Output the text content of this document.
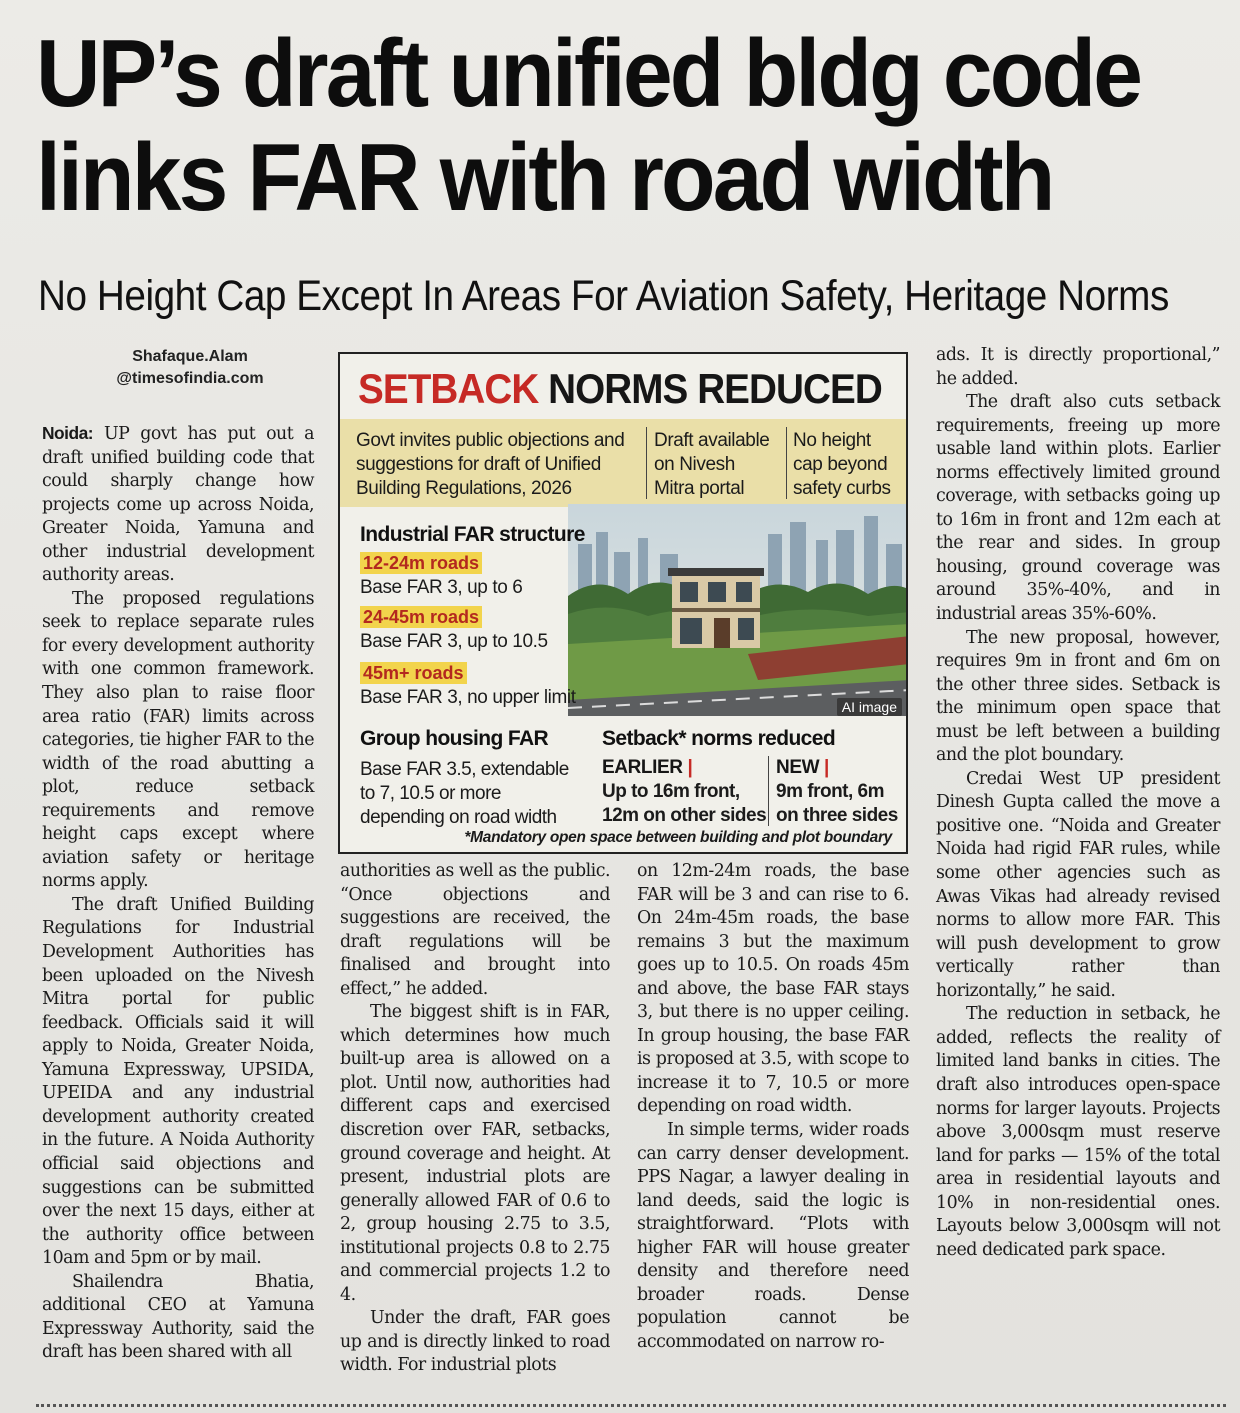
UP’s draft unified bldg code
links FAR with road width
No Height Cap Except In Areas For Aviation Safety, Heritage Norms
Shafaque.Alam
@timesofindia.com

Noida: UP govt has put out a draft unified building code that could sharply change how projects come up across Noida, Greater Noida, Yamuna and other industrial development authority areas.

The proposed regulations seek to replace separate rules for every development authority with one common framework. They also plan to raise floor area ratio (FAR) limits across categories, tie higher FAR to the width of the road abutting a plot, reduce setback requirements and remove height caps except where aviation safety or heritage norms apply.

The draft Unified Building Regulations for Industrial Development Authorities has been uploaded on the Nivesh Mitra portal for public feedback. Officials said it will apply to Noida, Greater Noida, Yamuna Expressway, UPSIDA, UPEIDA and any industrial development authority created in the future. A Noida Authority official said objections and suggestions can be submitted over the next 15 days, either at the authority office between 10am and 5pm or by mail.

Shailendra Bhatia, additional CEO at Yamuna Expressway Authority, said the draft has been shared with all

SETBACK NORMS REDUCED
Govt invites public objections and
suggestions for draft of Unified
Building Regulations, 2026
Draft available
on Nivesh
Mitra portal
No height
cap beyond
safety curbs
AI image
Industrial FAR structure
12-24m roads
Base FAR 3, up to 6
24-45m roads
Base FAR 3, up to 10.5
45m+ roads
Base FAR 3, no upper limit
Group housing FAR
Base FAR 3.5, extendable
to 7, 10.5 or more
depending on road width
Setback* norms reduced
EARLIER |
Up to 16m front,
12m on other sides
NEW |
9m front, 6m
on three sides
*Mandatory open space between building and plot boundary

authorities as well as the public. “Once objections and suggestions are received, the draft regulations will be finalised and brought into effect,” he added.

The biggest shift is in FAR, which determines how much built-up area is allowed on a plot. Until now, authorities had different caps and exercised discretion over FAR, setbacks, ground coverage and height. At present, industrial plots are generally allowed FAR of 0.6 to 2, group housing 2.75 to 3.5, institutional projects 0.8 to 2.75 and commercial projects 1.2 to 4.

Under the draft, FAR goes up and is directly linked to road width. For industrial plots

on 12m-24m roads, the base FAR will be 3 and can rise to 6. On 24m-45m roads, the base remains 3 but the maximum goes up to 10.5. On roads 45m and above, the base FAR stays 3, but there is no upper ceiling. In group housing, the base FAR is proposed at 3.5, with scope to increase it to 7, 10.5 or more depending on road width.

In simple terms, wider roads can carry denser development. PPS Nagar, a lawyer dealing in land deeds, said the logic is straightforward. “Plots with higher FAR will house greater density and therefore need broader roads. Dense population cannot be accommodated on narrow ro-

ads. It is directly proportional,” he added.

The draft also cuts setback requirements, freeing up more usable land within plots. Earlier norms effectively limited ground coverage, with setbacks going up to 16m in front and 12m each at the rear and sides. In group housing, ground coverage was around 35%-40%, and in industrial areas 35%-60%.

The new proposal, however, requires 9m in front and 6m on the other three sides. Setback is the minimum open space that must be left between a building and the plot boundary.

Credai West UP president Dinesh Gupta called the move a positive one. “Noida and Greater Noida had rigid FAR rules, while some other agencies such as Awas Vikas had already revised norms to allow more FAR. This will push development to grow vertically rather than horizontally,” he said.

The reduction in setback, he added, reflects the reality of limited land banks in cities. The draft also introduces open-space norms for larger layouts. Projects above 3,000sqm must reserve land for parks — 15% of the total area in residential layouts and 10% in non-residential ones. Layouts below 3,000sqm will not need dedicated park space.
